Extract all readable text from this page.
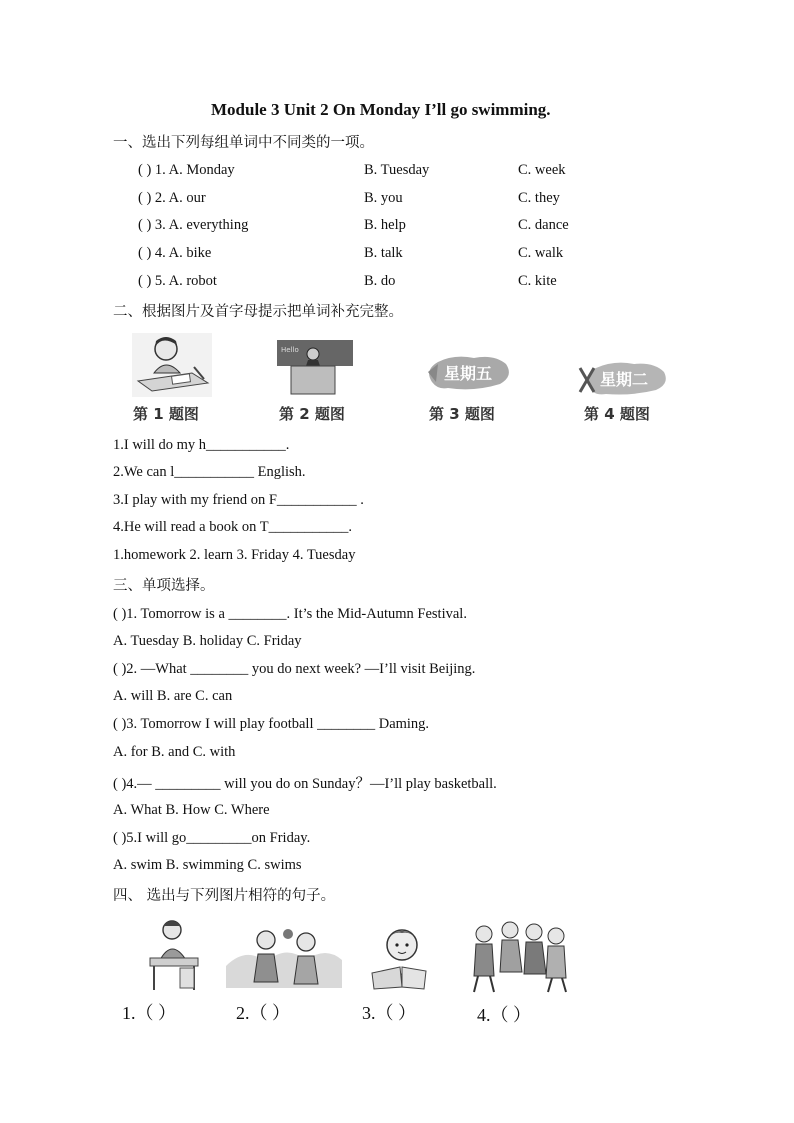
Module 3 Unit 2 On Monday I’ll go swimming.
一、选出下列每组单词中不同类的一项。
( ) 1. A. Monday	B. Tuesday	C. week
( ) 2. A. our	B. you	C. they
( ) 3. A. everything	B. help	C. dance
( ) 4. A. bike	B. talk	C. walk
( ) 5. A. robot	B. do	C. kite
二、根据图片及首字母提示把单词补充完整。
Hello
星期五	星期二
第 1 题图	第 2 题图	第 3 题图	第 4 题图
1.I will do my h___________.
2.We can l___________ English.
3.I play with my friend on F___________ .
4.He will read a book on T___________.
1.homework 2. learn 3. Friday 4. Tuesday
三、单项选择。
( )1. Tomorrow is a ________. It’s the Mid-Autumn Festival.
A. Tuesday B. holiday C. Friday
( )2. —What ________ you do next week? —I’ll visit Beijing.
A. will B. are C. can
( )3. Tomorrow I will play football ________ Daming.
A. for B. and C. with
( )4.— _________ will you do on Sunday？—I’ll play basketball.
A. What B. How C. Where
( )5.I will go_________on Friday.
A. swim B. swimming C. swims
四、 选出与下列图片相符的句子。
1.（ ）	2.（ ）	3.（ ）	4.（ ）
